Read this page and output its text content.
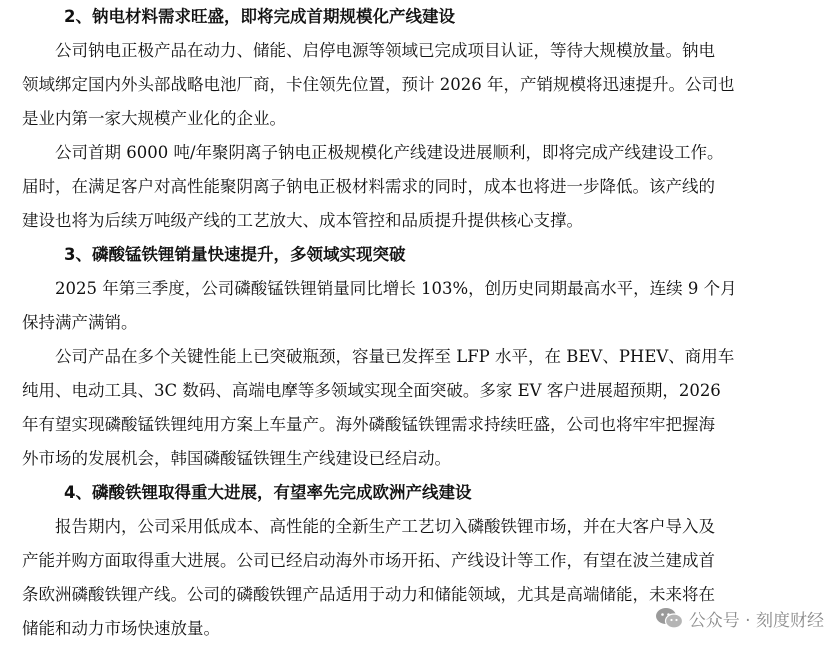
2、钠电材料需求旺盛，即将完成首期规模化产线建设
公司钠电正极产品在动力、储能、启停电源等领域已完成项目认证，等待大规模放量。钠电
领域绑定国内外头部战略电池厂商，卡住领先位置，预计 2026 年，产销规模将迅速提升。公司也
是业内第一家大规模产业化的企业。
公司首期 6000 吨/年聚阴离子钠电正极规模化产线建设进展顺利，即将完成产线建设工作。
届时，在满足客户对高性能聚阴离子钠电正极材料需求的同时，成本也将进一步降低。该产线的
建设也将为后续万吨级产线的工艺放大、成本管控和品质提升提供核心支撑。
3、磷酸锰铁锂销量快速提升，多领域实现突破
2025 年第三季度，公司磷酸锰铁锂销量同比增长 103%，创历史同期最高水平，连续 9 个月
保持满产满销。
公司产品在多个关键性能上已突破瓶颈，容量已发挥至 LFP 水平，在 BEV、PHEV、商用车
纯用、电动工具、3C 数码、高端电摩等多领域实现全面突破。多家 EV 客户进展超预期，2026
年有望实现磷酸锰铁锂纯用方案上车量产。海外磷酸锰铁锂需求持续旺盛，公司也将牢牢把握海
外市场的发展机会，韩国磷酸锰铁锂生产线建设已经启动。
4、磷酸铁锂取得重大进展，有望率先完成欧洲产线建设
报告期内，公司采用低成本、高性能的全新生产工艺切入磷酸铁锂市场，并在大客户导入及
产能并购方面取得重大进展。公司已经启动海外市场开拓、产线设计等工作，有望在波兰建成首
条欧洲磷酸铁锂产线。公司的磷酸铁锂产品适用于动力和储能领域，尤其是高端储能，未来将在
储能和动力市场快速放量。	公众号 · 刻度财经
